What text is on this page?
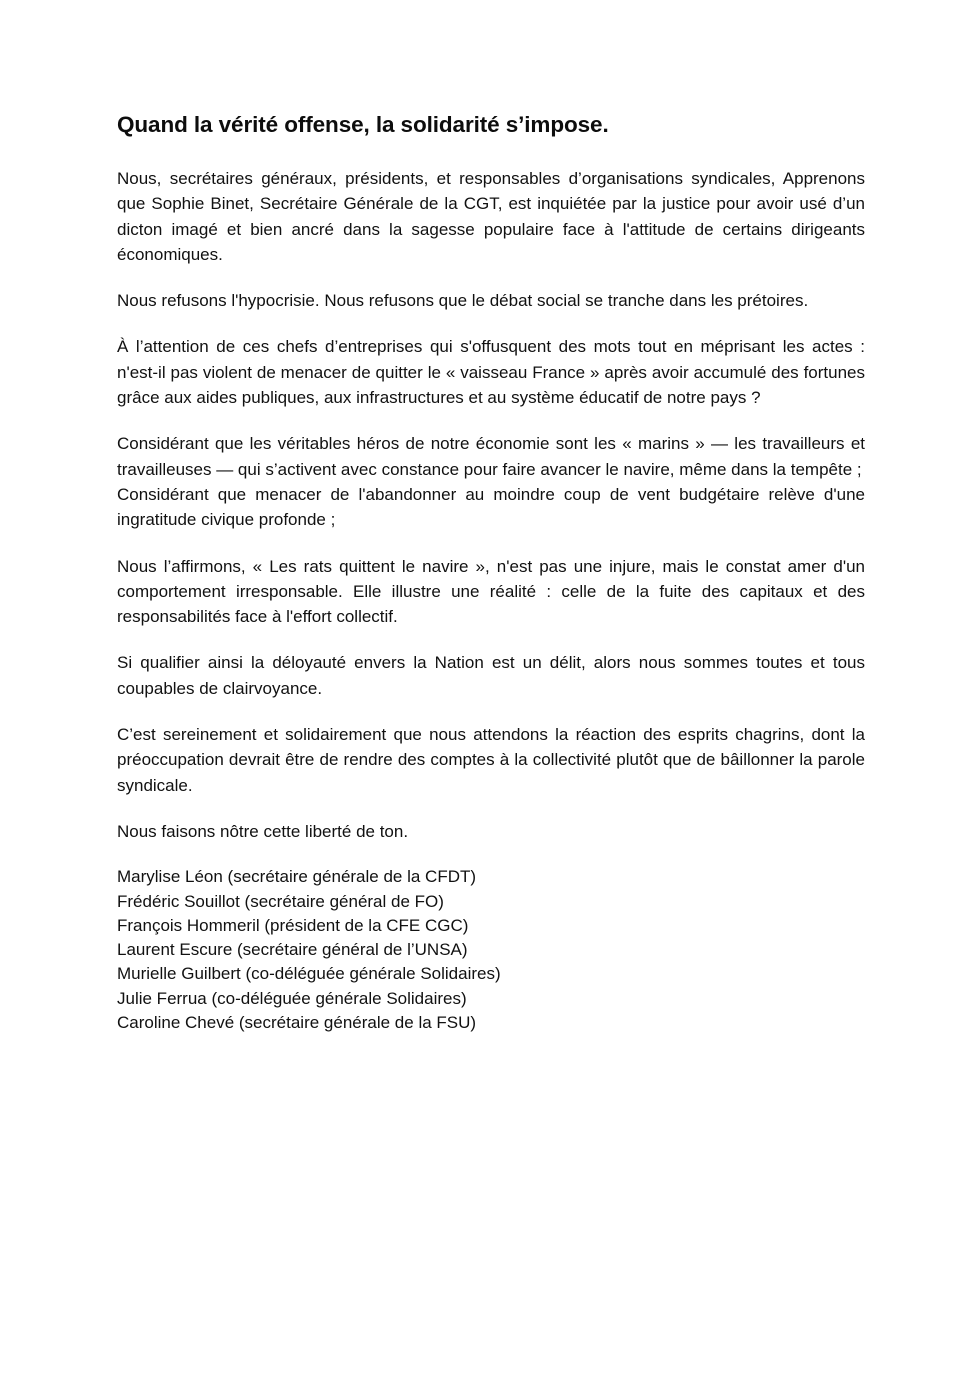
Quand la vérité offense, la solidarité s’impose.

Nous, secrétaires généraux, présidents, et responsables d’organisations syndicales, Apprenons que Sophie Binet, Secrétaire Générale de la CGT, est inquiétée par la justice pour avoir usé d’un dicton imagé et bien ancré dans la sagesse populaire face à l'attitude de certains dirigeants économiques.

Nous refusons l'hypocrisie. Nous refusons que le débat social se tranche dans les prétoires.

À l’attention de ces chefs d’entreprises qui s'offusquent des mots tout en méprisant les actes : n'est-il pas violent de menacer de quitter le « vaisseau France » après avoir accumulé des fortunes grâce aux aides publiques, aux infrastructures et au système éducatif de notre pays ?

Considérant que les véritables héros de notre économie sont les « marins » — les travailleurs et travailleuses — qui s’activent avec constance pour faire avancer le navire, même dans la tempête ;
Considérant que menacer de l'abandonner au moindre coup de vent budgétaire relève d'une ingratitude civique profonde ;

Nous l’affirmons, « Les rats quittent le navire », n'est pas une injure, mais le constat amer d'un comportement irresponsable. Elle illustre une réalité : celle de la fuite des capitaux et des responsabilités face à l'effort collectif.

Si qualifier ainsi la déloyauté envers la Nation est un délit, alors nous sommes toutes et tous coupables de clairvoyance.

C’est sereinement et solidairement que nous attendons la réaction des esprits chagrins, dont la préoccupation devrait être de rendre des comptes à la collectivité plutôt que de bâillonner la parole syndicale.

Nous faisons nôtre cette liberté de ton.

Marylise Léon (secrétaire générale de la CFDT)
Frédéric Souillot (secrétaire général de FO)
François Hommeril (président de la CFE CGC)
Laurent Escure (secrétaire général de l’UNSA)
Murielle Guilbert (co-déléguée générale Solidaires)
Julie Ferrua (co-déléguée générale Solidaires)
Caroline Chevé (secrétaire générale de la FSU)
